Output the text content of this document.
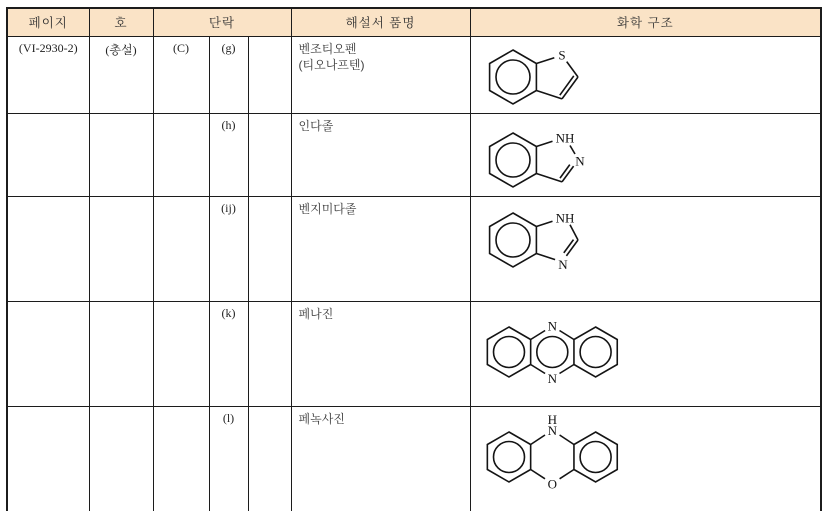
페이지	호	단락			해설서 품명	화학 구조
(VI-2930-2)	(총설)	(C)	(g)		벤조티오펜
(티오나프텐)	S

			(h)		인다졸	NH
N

			(ij)		벤지미다졸	NH
N

			(k)		페나진	N
N

			(l)		페녹사진	H
N
O
